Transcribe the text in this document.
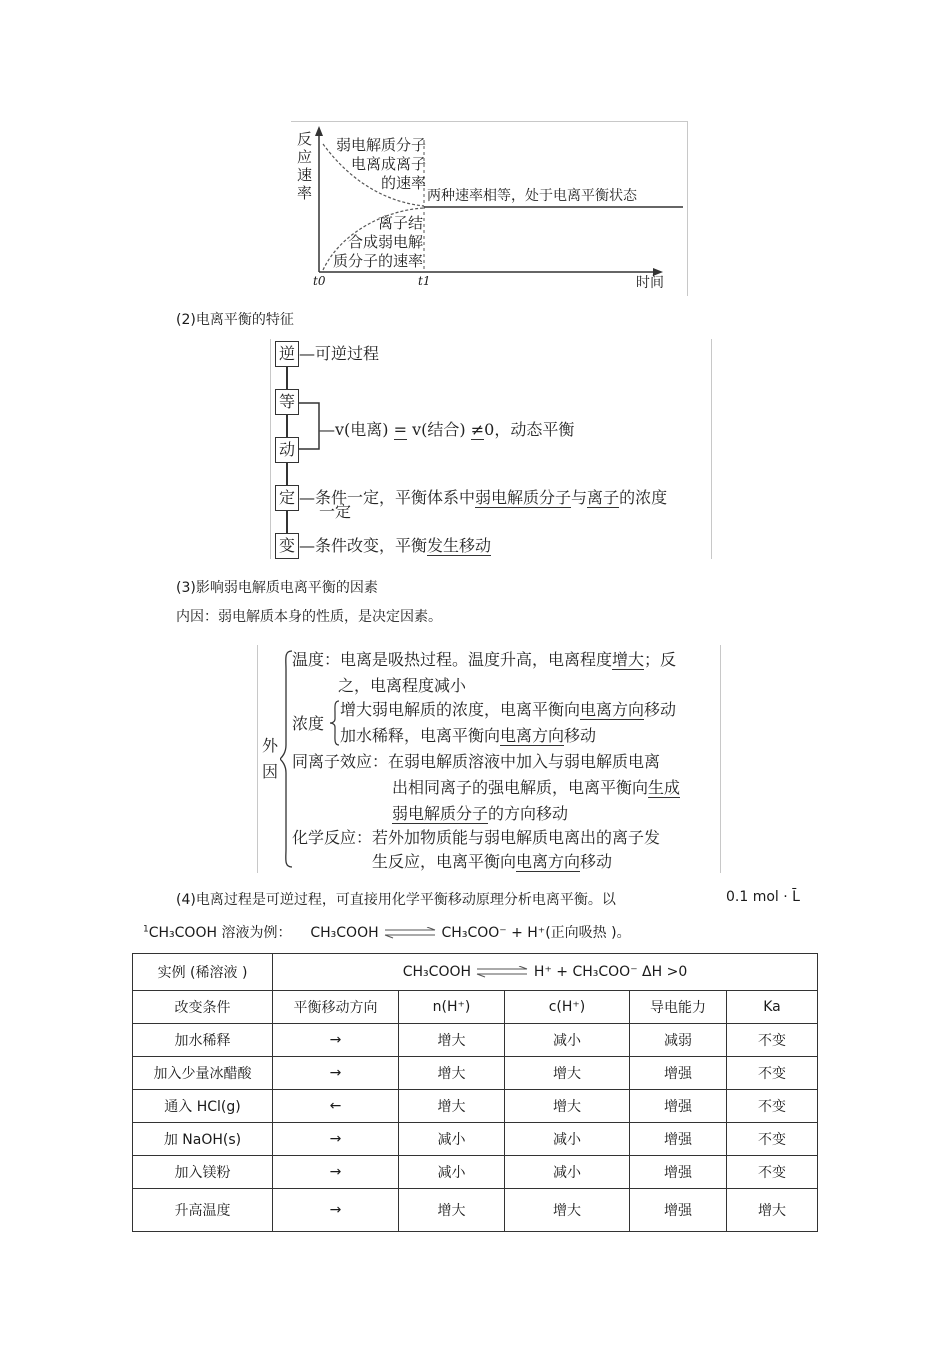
反应速率
弱电解质分子
电离成离子
的速率
离子结
合成弱电解
质分子的速率
两种速率相等，处于电离平衡状态
t0	t1	时间
(2)电离平衡的特征
逆 —可逆过程
等
动
—v(电离) = v(结合) ≠0，动态平衡
定 —条件一定，平衡体系中弱电解质分子与离子的浓度
一定
变 —条件改变，平衡发生移动
(3)影响弱电解质电离平衡的因素
内因：弱电解质本身的性质，是决定因素。
外
因
温度：电离是吸热过程。温度升高，电离程度增大；反
之，电离程度减小
浓度
增大弱电解质的浓度，电离平衡向电离方向移动
加水稀释，电离平衡向电离方向移动
同离子效应：在弱电解质溶液中加入与弱电解质电离
出相同离子的强电解质，电离平衡向生成
弱电解质分子的方向移动
化学反应：若外加物质能与弱电解质电离出的离子发
生反应，电离平衡向电离方向移动
(4)电离过程是可逆过程，可直接用化学平衡移动原理分析电离平衡。以	0.1 mol · L̄
$^1$CH₃COOH 溶液为例： CH₃COOH ⇌ CH₃COO⁻ + H⁺(正向吸热 )。
实例 (稀溶液 )	CH₃COOH ⇌ H⁺ + CH₃COO⁻ ΔH >0				
改变条件	平衡移动方向	n(H⁺)	c(H⁺)	导电能力	Ka
加水稀释	→	增大	减小	减弱	不变
加入少量冰醋酸	→	增大	增大	增强	不变
通入 HCl(g)	←	增大	增大	增强	不变
加 NaOH(s)	→	减小	减小	增强	不变
加入镁粉	→	减小	减小	增强	不变
升高温度	→	增大	增大	增强	增大
